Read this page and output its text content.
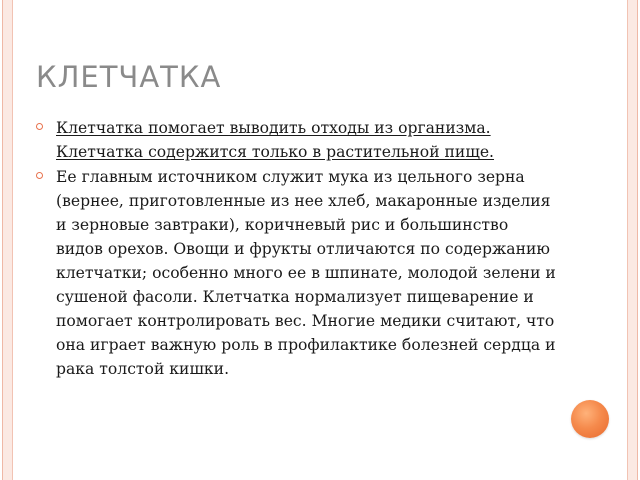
КЛЕТЧАТКА
Клетчатка помогает выводить отходы из организма. Клетчатка содержится только в растительной пище.
Ее главным источником служит мука из цельного зерна (вернее, приготовленные из нее хлеб, макаронные изделия и зерновые завтраки), коричневый рис и большинство видов орехов. Овощи и фрукты отличаются по содержанию клетчатки; особенно много ее в шпинате, молодой зелени и сушеной фасоли. Клетчатка нормализует пищеварение и помогает контролировать вес. Многие медики считают, что она играет важную роль в профилактике болезней сердца и рака толстой кишки.
